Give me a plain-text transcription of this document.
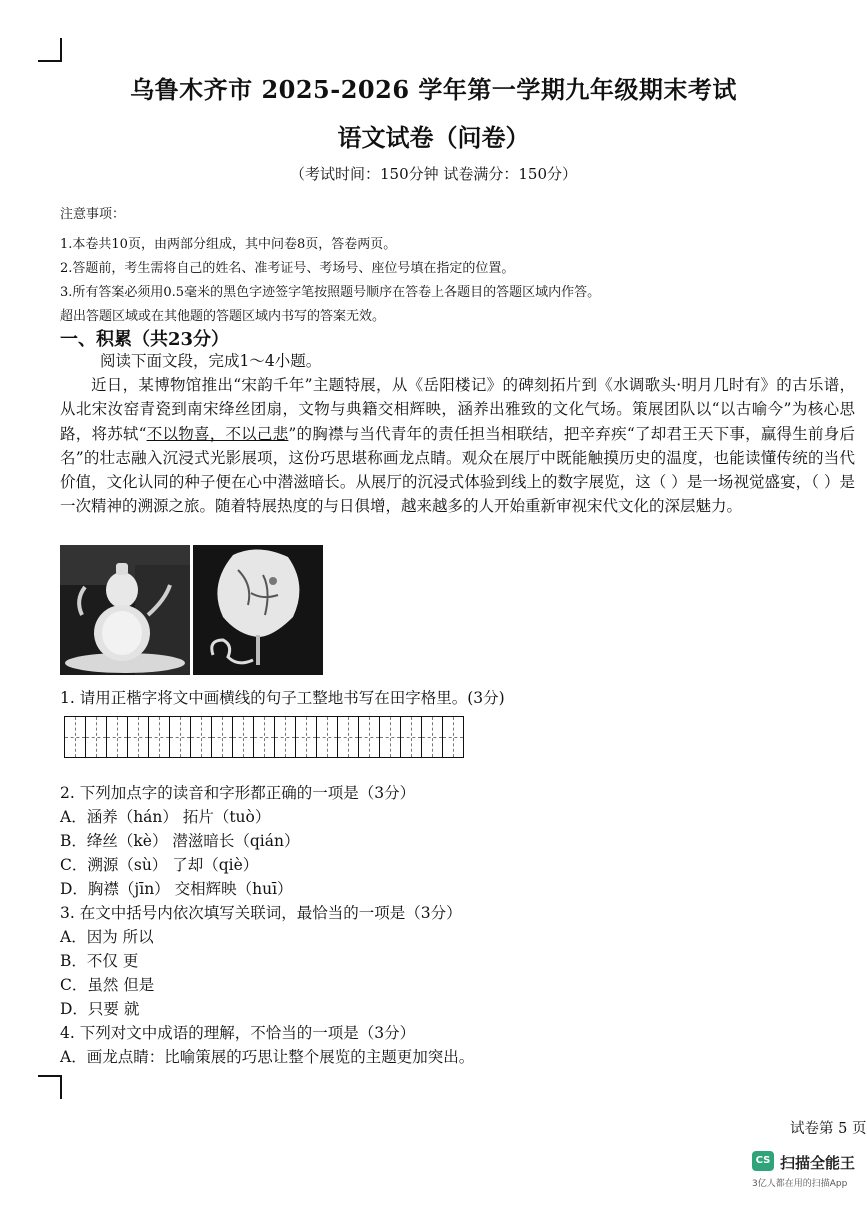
乌鲁木齐市 2025-2026 学年第一学期九年级期末考试
语文试卷（问卷）
（考试时间：150分钟 试卷满分：150分）
注意事项：
1.本卷共10页，由两部分组成，其中问卷8页，答卷两页。
2.答题前，考生需将自己的姓名、准考证号、考场号、座位号填在指定的位置。
3.所有答案必须用0.5毫米的黑色字迹签字笔按照题号顺序在答卷上各题目的答题区域内作答。
超出答题区域或在其他题的答题区域内书写的答案无效。
一、积累（共23分）
阅读下面文段，完成1～4小题。
近日，某博物馆推出“宋韵千年”主题特展，从《岳阳楼记》的碑刻拓片到《水调歌头·明月几时有》的古乐谱，从北宋汝窑青瓷到南宋绛丝团扇，文物与典籍交相辉映，涵养出雅致的文化气场。策展团队以“以古喻今”为核心思路，将苏轼“不以物喜，不以己悲”的胸襟与当代青年的责任担当相联结，把辛弃疾“了却君王天下事，赢得生前身后名”的壮志融入沉浸式光影展项，这份巧思堪称画龙点睛。观众在展厅中既能触摸历史的温度，也能读懂传统的当代价值，文化认同的种子便在心中潜滋暗长。从展厅的沉浸式体验到线上的数字展览，这（ ）是一场视觉盛宴，（ ）是一次精神的溯源之旅。随着特展热度的与日俱增，越来越多的人开始重新审视宋代文化的深层魅力。
1. 请用正楷字将文中画横线的句子工整地书写在田字格里。(3分)
2. 下列加点字的读音和字形都正确的一项是（3分）
A．涵养（hán） 拓片（tuò）
B．绛丝（kè） 潜滋暗长（qián）
C．溯源（sù） 了却（qiè）
D．胸襟（jīn） 交相辉映（huī）
3. 在文中括号内依次填写关联词，最恰当的一项是（3分）
A．因为 所以
B．不仅 更
C．虽然 但是
D．只要 就
4. 下列对文中成语的理解，不恰当的一项是（3分）
A．画龙点睛：比喻策展的巧思让整个展览的主题更加突出。
试卷第 5 页
CS 扫描全能王
3亿人都在用的扫描App
